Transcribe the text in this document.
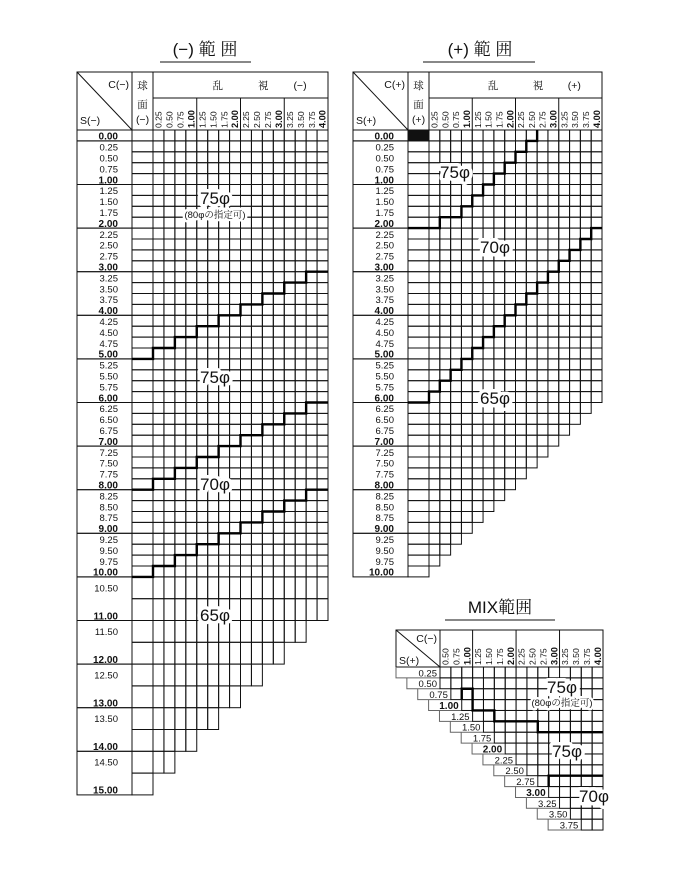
(−) 範 囲	(+) 範 囲
MIX範囲
C(−)
S(−)
球
面
(−)
乱	視 (−)
0.25 0.50 0.75 1.00 1.25 1.50 1.75 2.00 2.25 2.50 2.75 3.00 3.25 3.50 3.75 4.00
0.00
0.25
0.50
0.75
1.00
1.25
1.50
1.75
2.00
2.25
2.50
2.75
3.00
3.25
3.50
3.75
4.00
4.25
4.50
4.75
5.00
5.25
5.50
5.75
6.00
6.25
6.50
6.75
7.00
7.25
7.50
7.75
8.00
8.25
8.50
8.75
9.00
9.25
9.50
9.75
10.00
10.50
11.00
11.50
12.00
12.50
13.00
13.50
14.00
14.50
15.00
75φ
(80φの指定可)
75φ
70φ
65φ
C(+)
S(+)
球
面
(+)
乱	視 (+)
0.25 0.50 0.75 1.00 1.25 1.50 1.75 2.00 2.25 2.50 2.75 3.00 3.25 3.50 3.75 4.00
0.00
0.25
0.50
0.75
1.00
1.25
1.50
1.75
2.00
2.25
2.50
2.75
3.00
3.25
3.50
3.75
4.00
4.25
4.50
4.75
5.00
5.25
5.50
5.75
6.00
6.25
6.50
6.75
7.00
7.25
7.50
7.75
8.00
8.25
8.50
8.75
9.00
9.25
9.50
9.75
10.00
75φ
70φ
65φ
C(−)
S(+) 0.50 0.75 1.00 1.25 1.50 1.75 2.00 2.25 2.50 2.75 3.00 3.25 3.50 3.75 4.00
0.25
0.50
0.75
1.00
1.25
1.50
1.75
2.00
2.25
2.50
2.75
3.00
3.25
3.50
3.75
75φ
(80φの指定可)
75φ
70φ
